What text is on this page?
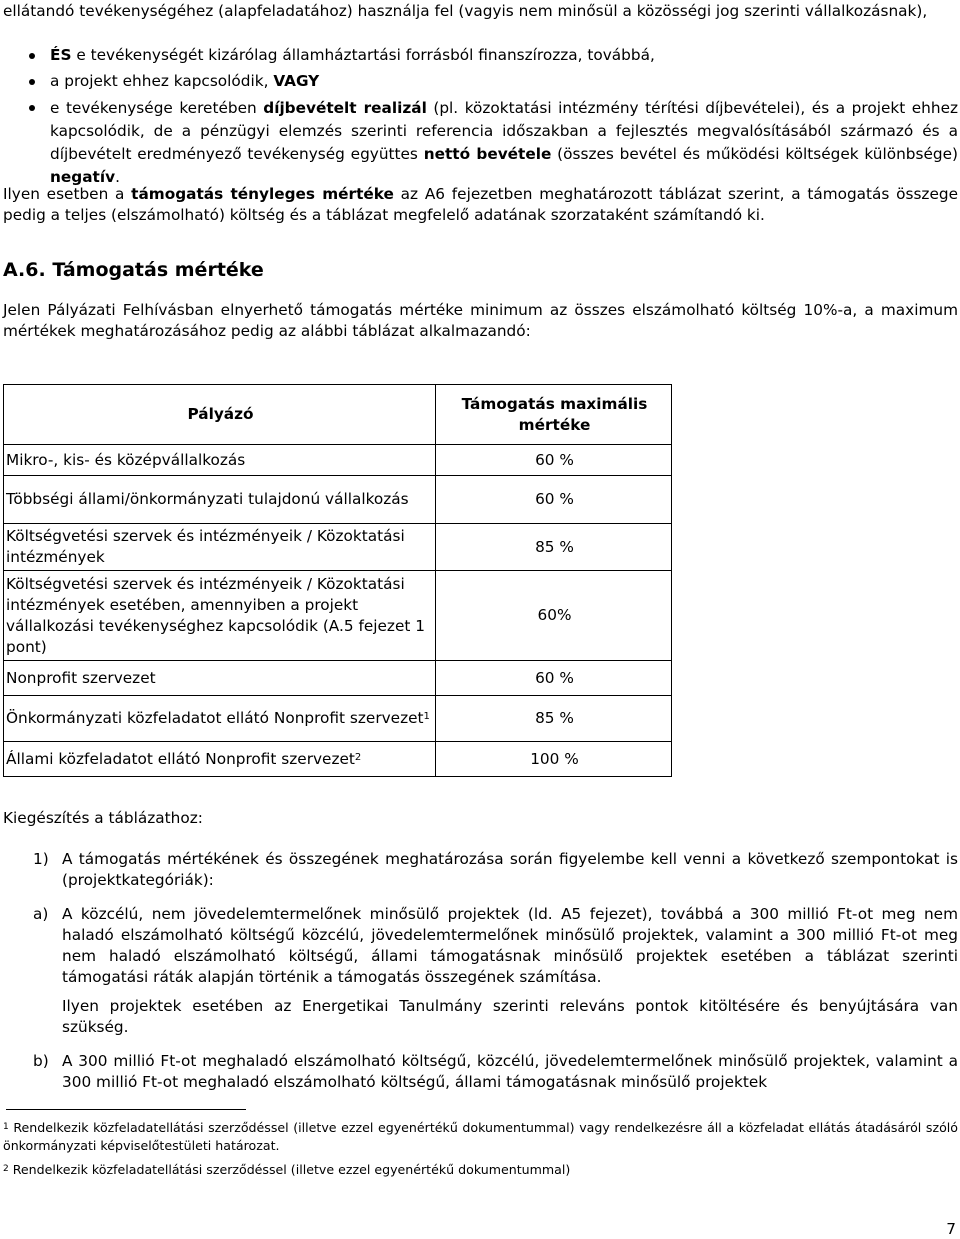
ellátandó tevékenységéhez (alapfeladatához) használja fel (vagyis nem minősül a közösségi jog szerinti vállalkozásnak),

ÉS e tevékenységét kizárólag államháztartási forrásból finanszírozza, továbbá,
a projekt ehhez kapcsolódik, VAGY
e tevékenysége keretében díjbevételt realizál (pl. közoktatási intézmény térítési díjbevételei), és a projekt ehhez kapcsolódik, de a pénzügyi elemzés szerinti referencia időszakban a fejlesztés megvalósításából származó és a díjbevételt eredményező tevékenység együttes nettó bevétele (összes bevétel és működési költségek különbsége) negatív.

Ilyen esetben a támogatás tényleges mértéke az A6 fejezetben meghatározott táblázat szerint, a támogatás összege pedig a teljes (elszámolható) költség és a táblázat megfelelő adatának szorzataként számítandó ki.

A.6. Támogatás mértéke

Jelen Pályázati Felhívásban elnyerhető támogatás mértéke minimum az összes elszámolható költség 10%-a, a maximum mértékek meghatározásához pedig az alábbi táblázat alkalmazandó:

Pályázó	Támogatás maximális mértéke
Mikro-, kis- és középvállalkozás	60 %
Többségi állami/önkormányzati tulajdonú vállalkozás	60 %
Költségvetési szervek és intézményeik / Közoktatási intézmények	85 %
Költségvetési szervek és intézményeik / Közoktatási intézmények esetében, amennyiben a projekt vállalkozási tevékenységhez kapcsolódik (A.5 fejezet 1 pont)	60%
Nonprofit szervezet	60 %
Önkormányzati közfeladatot ellátó Nonprofit szervezet$^1$	85 %
Állami közfeladatot ellátó Nonprofit szervezet$^2$	100 %

Kiegészítés a táblázathoz:

1) A támogatás mértékének és összegének meghatározása során figyelembe kell venni a következő szempontokat is (projektkategóriák):
a) A közcélú, nem jövedelemtermelőnek minősülő projektek (ld. A5 fejezet), továbbá a 300 millió Ft-ot meg nem haladó elszámolható költségű közcélú, jövedelemtermelőnek minősülő projektek, valamint a 300 millió Ft-ot meg nem haladó elszámolható költségű, állami támogatásnak minősülő projektek esetében a táblázat szerinti támogatási ráták alapján történik a támogatás összegének számítása.
Ilyen projektek esetében az Energetikai Tanulmány szerinti releváns pontok kitöltésére és benyújtására van szükség.
b) A 300 millió Ft-ot meghaladó elszámolható költségű, közcélú, jövedelemtermelőnek minősülő projektek, valamint a 300 millió Ft-ot meghaladó elszámolható költségű, állami támogatásnak minősülő projektek

$^1$ Rendelkezik közfeladatellátási szerződéssel (illetve ezzel egyenértékű dokumentummal) vagy rendelkezésre áll a közfeladat ellátás átadásáról szóló önkormányzati képviselőtestületi határozat.

$^2$ Rendelkezik közfeladatellátási szerződéssel (illetve ezzel egyenértékű dokumentummal)

7
